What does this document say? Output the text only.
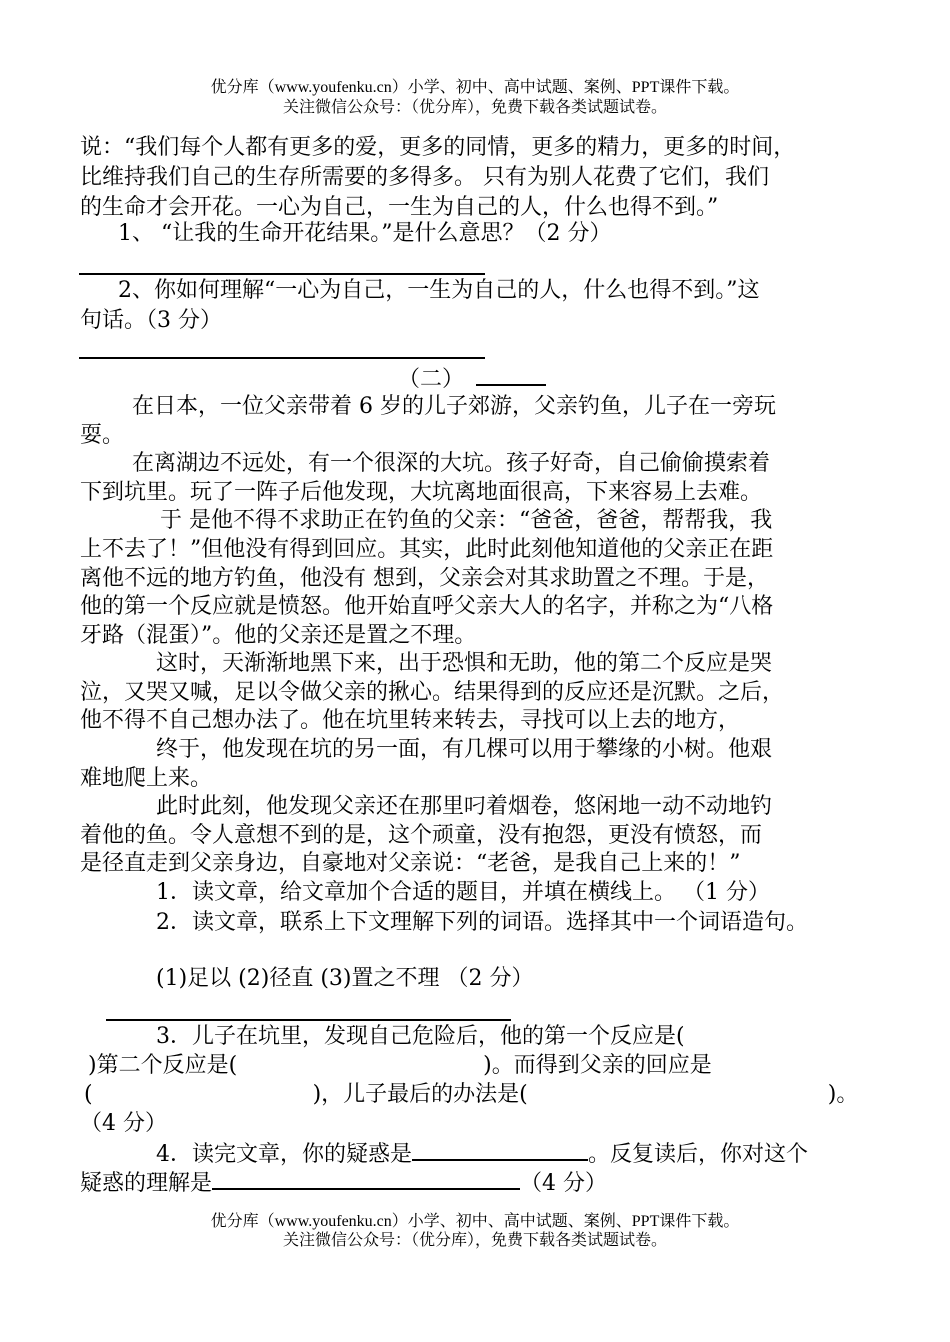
优分库（www.youfenku.cn）小学、初中、高中试题、案例、PPT课件下载。
关注微信公众号：（优分库），免费下载各类试题试卷。
说：“我们每个人都有更多的爱，更多的同情，更多的精力，更多的时间，
比维持我们自己的生存所需要的多得多。 只有为别人花费了它们，我们
的生命才会开花。一心为自己，一生为自己的人，什么也得不到。”
1、 “让我的生命开花结果。”是什么意思？（2 分）
2、你如何理解“一心为自己，一生为自己的人，什么也得不到。”这
句话。（3 分）
（二）
在日本，一位父亲带着 6 岁的儿子郊游，父亲钓鱼，儿子在一旁玩
耍。
在离湖边不远处，有一个很深的大坑。孩子好奇，自己偷偷摸索着
下到坑里。玩了一阵子后他发现，大坑离地面很高，下来容易上去难。
于 是他不得不求助正在钓鱼的父亲：“爸爸，爸爸，帮帮我，我
上不去了！”但他没有得到回应。其实，此时此刻他知道他的父亲正在距
离他不远的地方钓鱼，他没有 想到，父亲会对其求助置之不理。于是，
他的第一个反应就是愤怒。他开始直呼父亲大人的名字，并称之为“八格
牙路（混蛋）”。他的父亲还是置之不理。
这时，天渐渐地黑下来，出于恐惧和无助，他的第二个反应是哭
泣，又哭又喊，足以令做父亲的揪心。结果得到的反应还是沉默。之后，
他不得不自己想办法了。他在坑里转来转去，寻找可以上去的地方，
终于，他发现在坑的另一面，有几棵可以用于攀缘的小树。他艰
难地爬上来。
此时此刻，他发现父亲还在那里叼着烟卷，悠闲地一动不动地钓
着他的鱼。令人意想不到的是，这个顽童，没有抱怨，更没有愤怒，而
是径直走到父亲身边，自豪地对父亲说：“老爸，是我自己上来的！”
1．读文章，给文章加个合适的题目，并填在横线上。 （1 分）
2．读文章，联系上下文理解下列的词语。选择其中一个词语造句。
(1)足以 (2)径直 (3)置之不理 （2 分）
3．儿子在坑里，发现自己危险后，他的第一个反应是(
)第二个反应是(	)。而得到父亲的回应是
(	)，儿子最后的办法是(	)。
（4 分）
4．读完文章，你的疑惑是	。反复读后，你对这个
疑惑的理解是	（4 分）
优分库（www.youfenku.cn）小学、初中、高中试题、案例、PPT课件下载。
关注微信公众号：（优分库），免费下载各类试题试卷。
